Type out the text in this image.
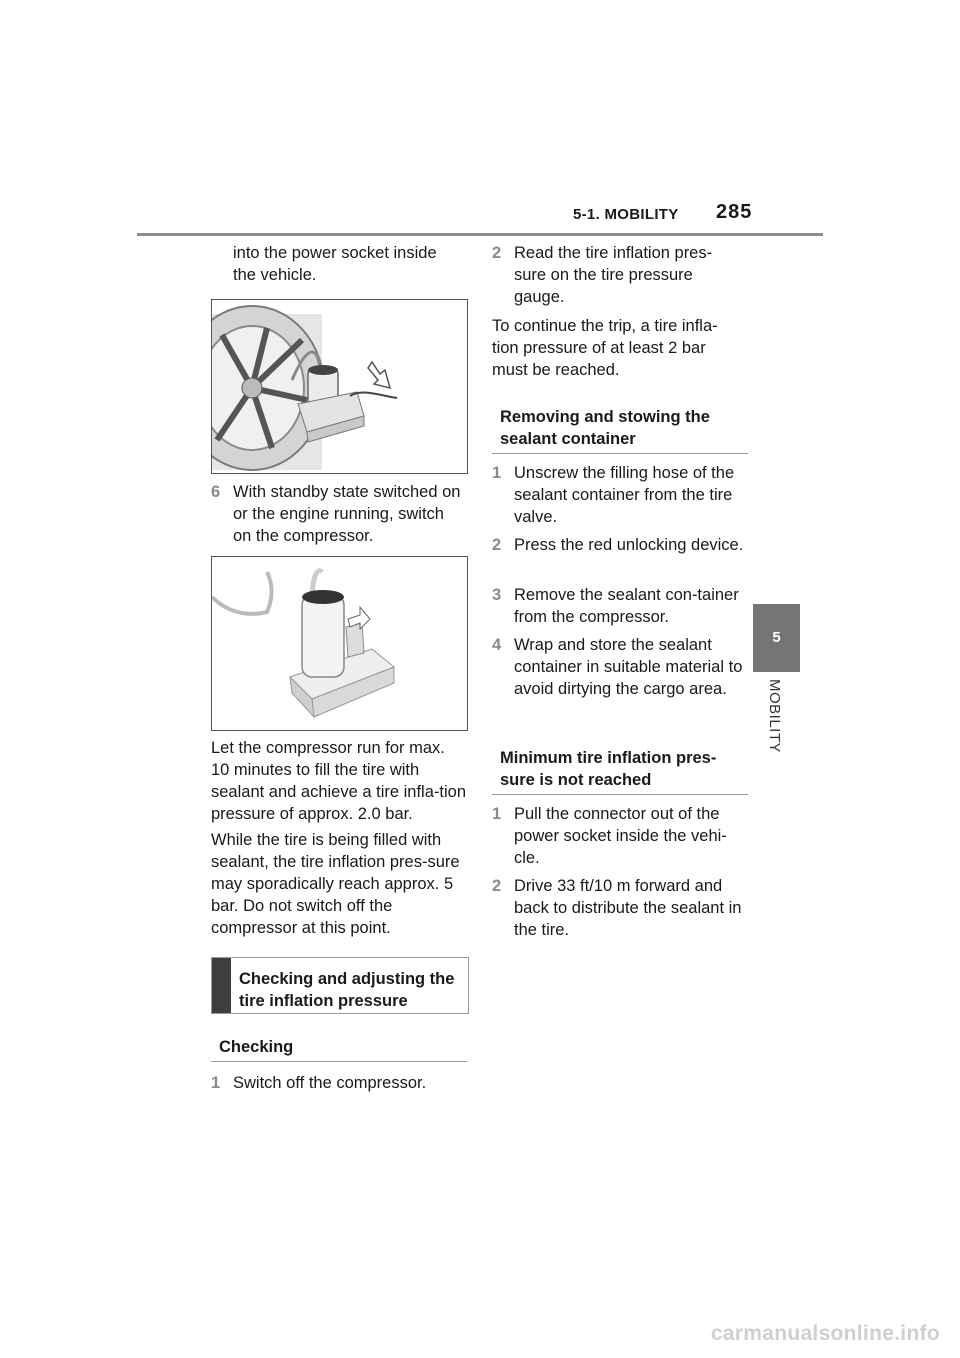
5-1. MOBILITY	285
5
MOBILITY
into the power socket inside the vehicle.
6 With standby state switched on or the engine running, switch on the compressor.
Let the compressor run for max. 10 minutes to fill the tire with sealant and achieve a tire infla-tion pressure of approx. 2.0 bar.
While the tire is being filled with sealant, the tire inflation pres-sure may sporadically reach approx. 5 bar. Do not switch off the compressor at this point.
Checking and adjusting the tire inflation pressure
Checking
1 Switch off the compressor.
2 Read the tire inflation pres-sure on the tire pressure gauge.
To continue the trip, a tire infla-tion pressure of at least 2 bar must be reached.
Removing and stowing the sealant container
1 Unscrew the filling hose of the sealant container from the tire valve.
2 Press the red unlocking device.
3 Remove the sealant con-tainer from the compressor.
4 Wrap and store the sealant container in suitable material to avoid dirtying the cargo area.
Minimum tire inflation pres-sure is not reached
1 Pull the connector out of the power socket inside the vehi-cle.
2 Drive 33 ft/10 m forward and back to distribute the sealant in the tire.
carmanualsonline.info
